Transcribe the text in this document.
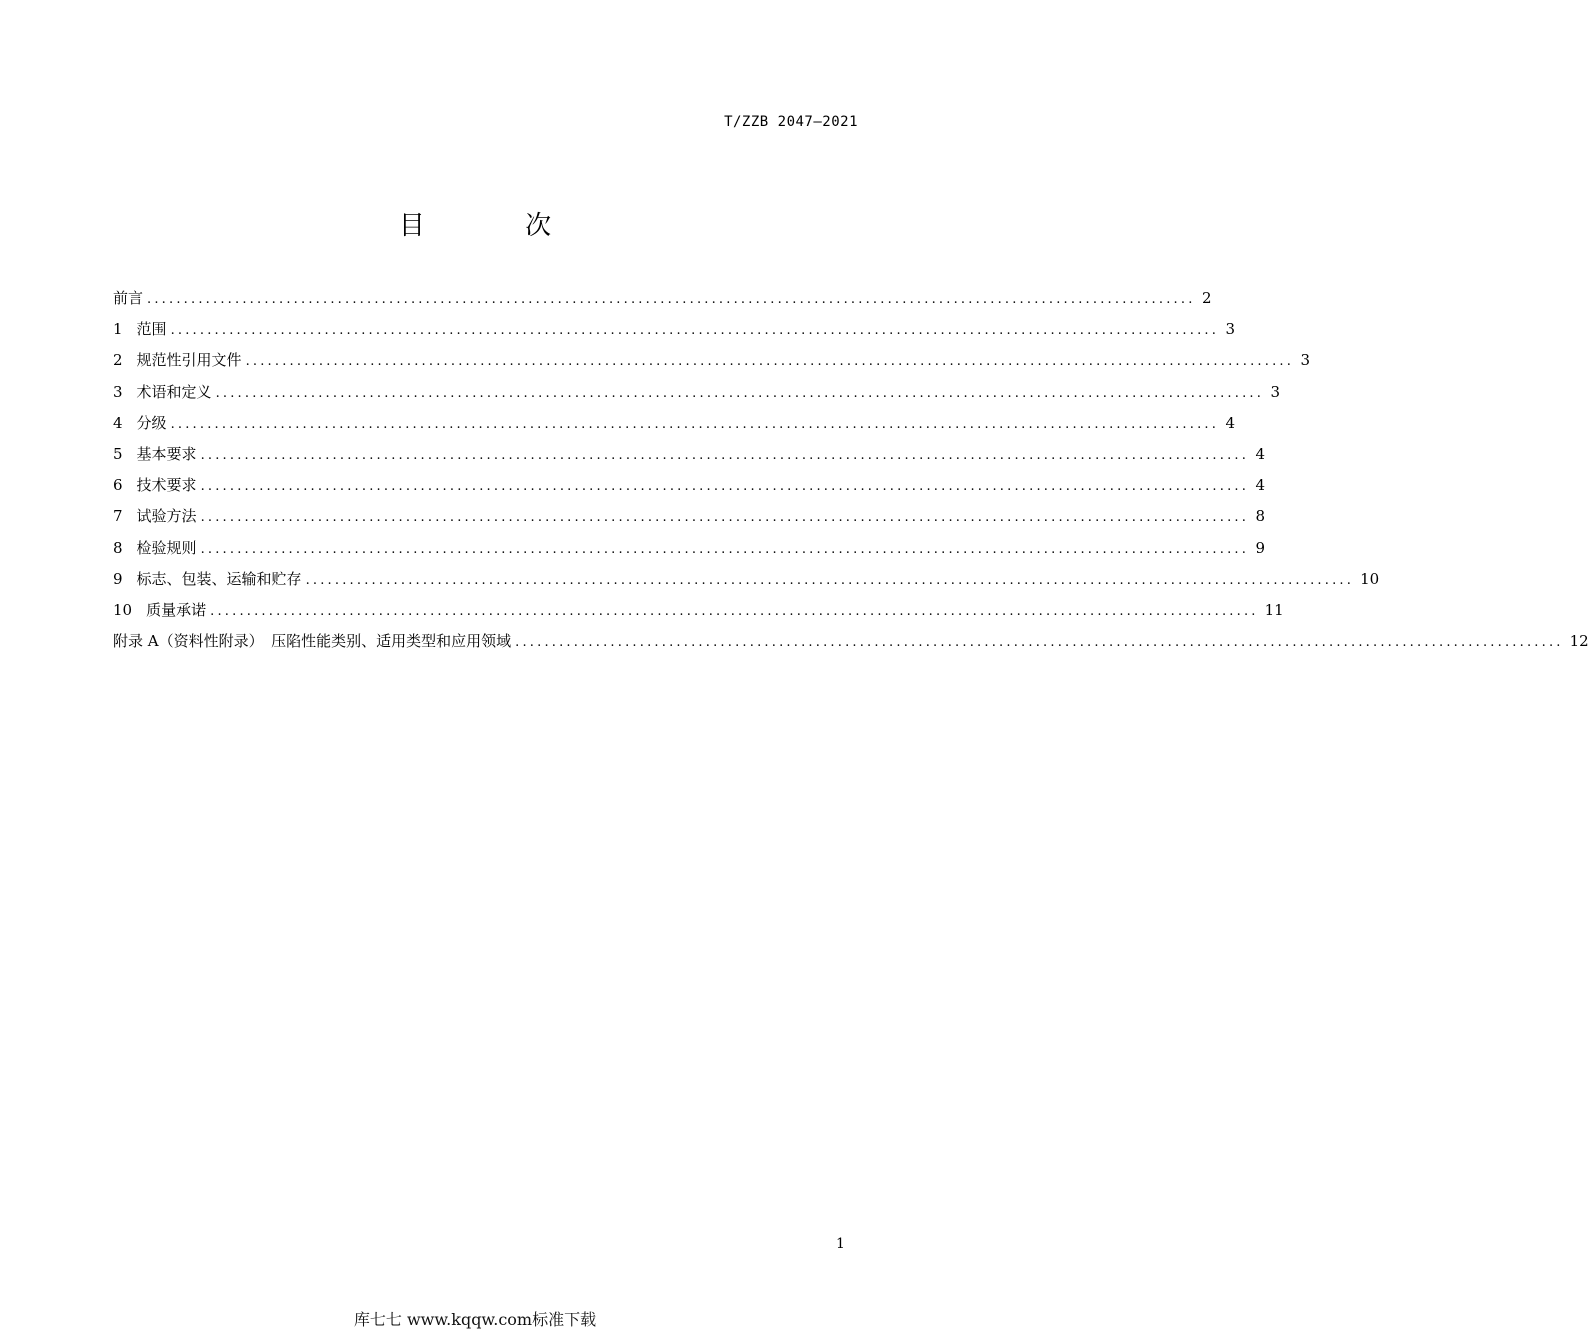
T/ZZB 2047—2021
目 次
前言 ............................................................................................................................................... 2
1 范围 ............................................................................................................................................... 3
2 规范性引用文件 ............................................................................................................................................... 3
3 术语和定义 ............................................................................................................................................... 3
4 分级 ............................................................................................................................................... 4
5 基本要求 ............................................................................................................................................... 4
6 技术要求 ............................................................................................................................................... 4
7 试验方法 ............................................................................................................................................... 8
8 检验规则 ............................................................................................................................................... 9
9 标志、包装、运输和贮存 ............................................................................................................................................... 10
10 质量承诺 ............................................................................................................................................... 11
附录 A（资料性附录）　压陷性能类别、适用类型和应用领域 ............................................................................................................................................... 12
1
库七七 www.kqqw.com标准下载
